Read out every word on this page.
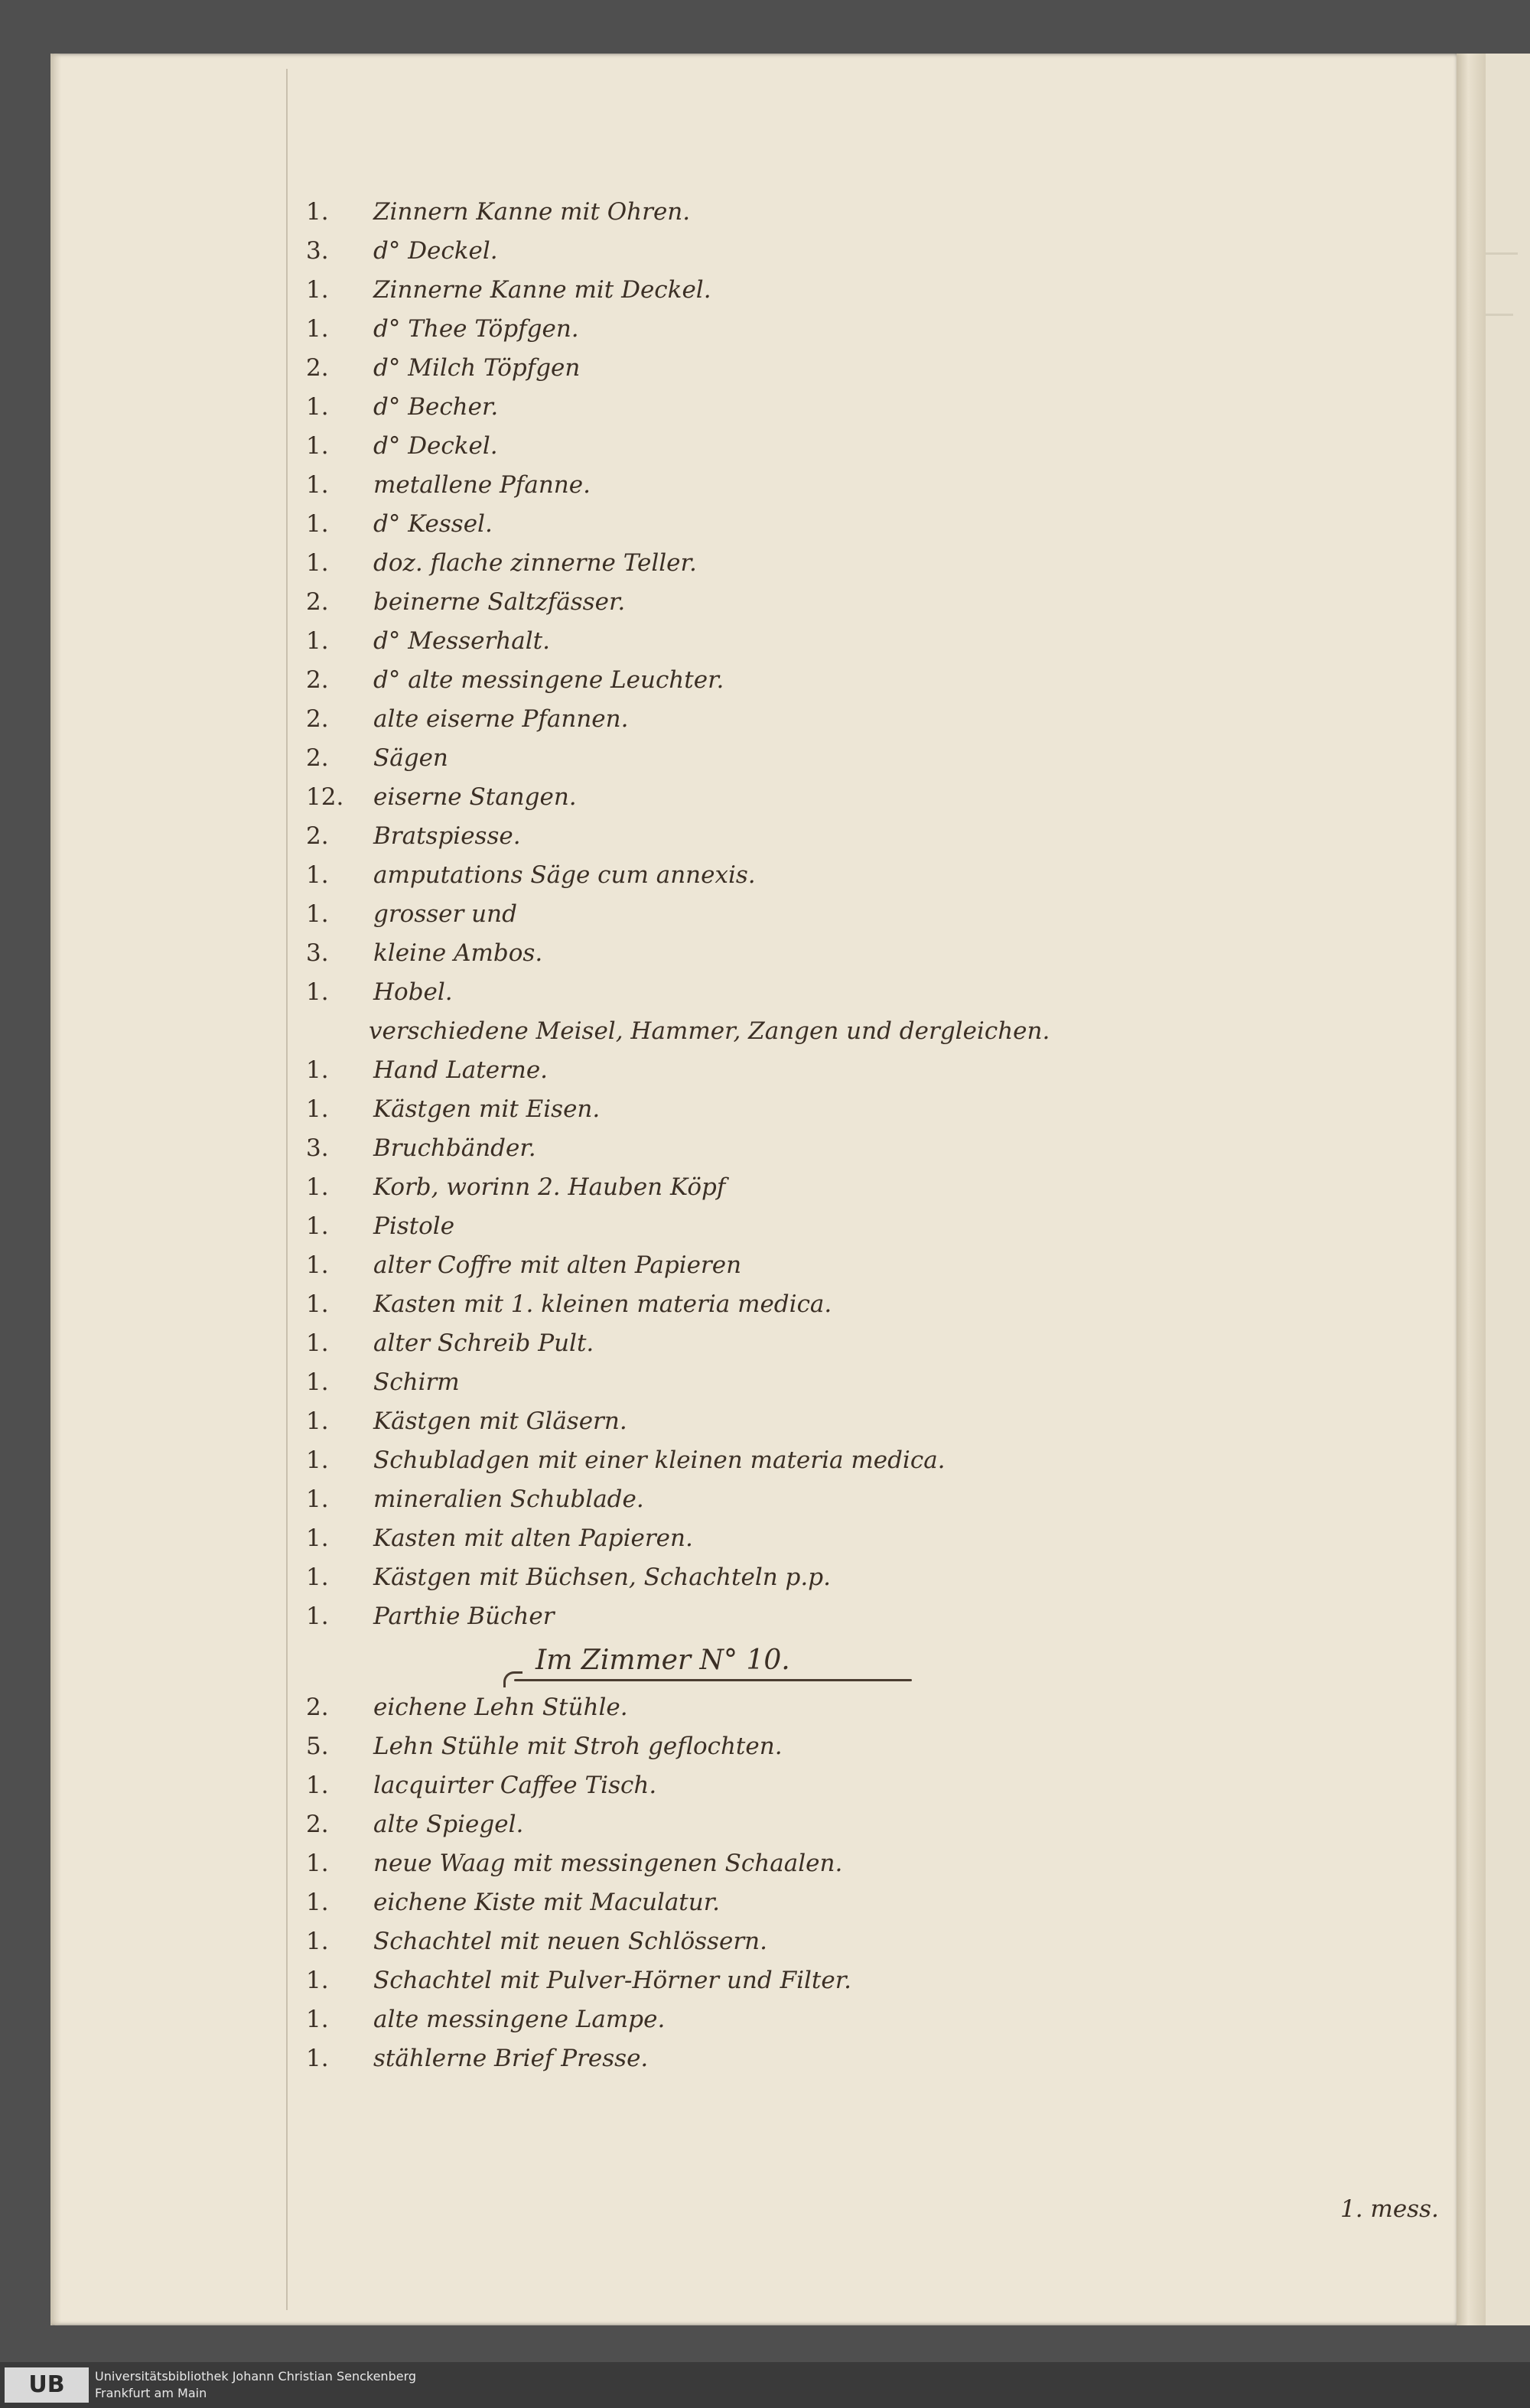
1.	Zinnern Kanne mit Ohren.
3.	d° Deckel.
1.	Zinnerne Kanne mit Deckel.
1.	d° Thee Töpfgen.
2.	d° Milch Töpfgen
1.	d° Becher.
1.	d° Deckel.
1.	metallene Pfanne.
1.	d° Kessel.
1.	doz. flache zinnerne Teller.
2.	beinerne Saltzfässer.
1.	d° Messerhalt.
2.	d° alte messingene Leuchter.
2.	alte eiserne Pfannen.
2.	Sägen
12.	eiserne Stangen.
2.	Bratspiesse.
1.	amputations Säge cum annexis.
1.	grosser und
3.	kleine Ambos.
1.	Hobel.
verschiedene Meisel, Hammer, Zangen und dergleichen.
1.	Hand Laterne.
1.	Kästgen mit Eisen.
3.	Bruchbänder.
1.	Korb, worinn 2. Hauben Köpf
1.	Pistole
1.	alter Coffre mit alten Papieren
1.	Kasten mit 1. kleinen materia medica.
1.	alter Schreib Pult.
1.	Schirm
1.	Kästgen mit Gläsern.
1.	Schubladgen mit einer kleinen materia medica.
1.	mineralien Schublade.
1.	Kasten mit alten Papieren.
1.	Kästgen mit Büchsen, Schachteln p.p.
1.	Parthie Bücher
Im Zimmer N° 10.
2.	eichene Lehn Stühle.
5.	Lehn Stühle mit Stroh geflochten.
1.	lacquirter Caffee Tisch.
2.	alte Spiegel.
1.	neue Waag mit messingenen Schaalen.
1.	eichene Kiste mit Maculatur.
1.	Schachtel mit neuen Schlössern.
1.	Schachtel mit Pulver-Hörner und Filter.
1.	alte messingene Lampe.
1.	stählerne Brief Presse.
1. mess.
UB	Universitätsbibliothek Johann Christian Senckenberg
Frankfurt am Main
